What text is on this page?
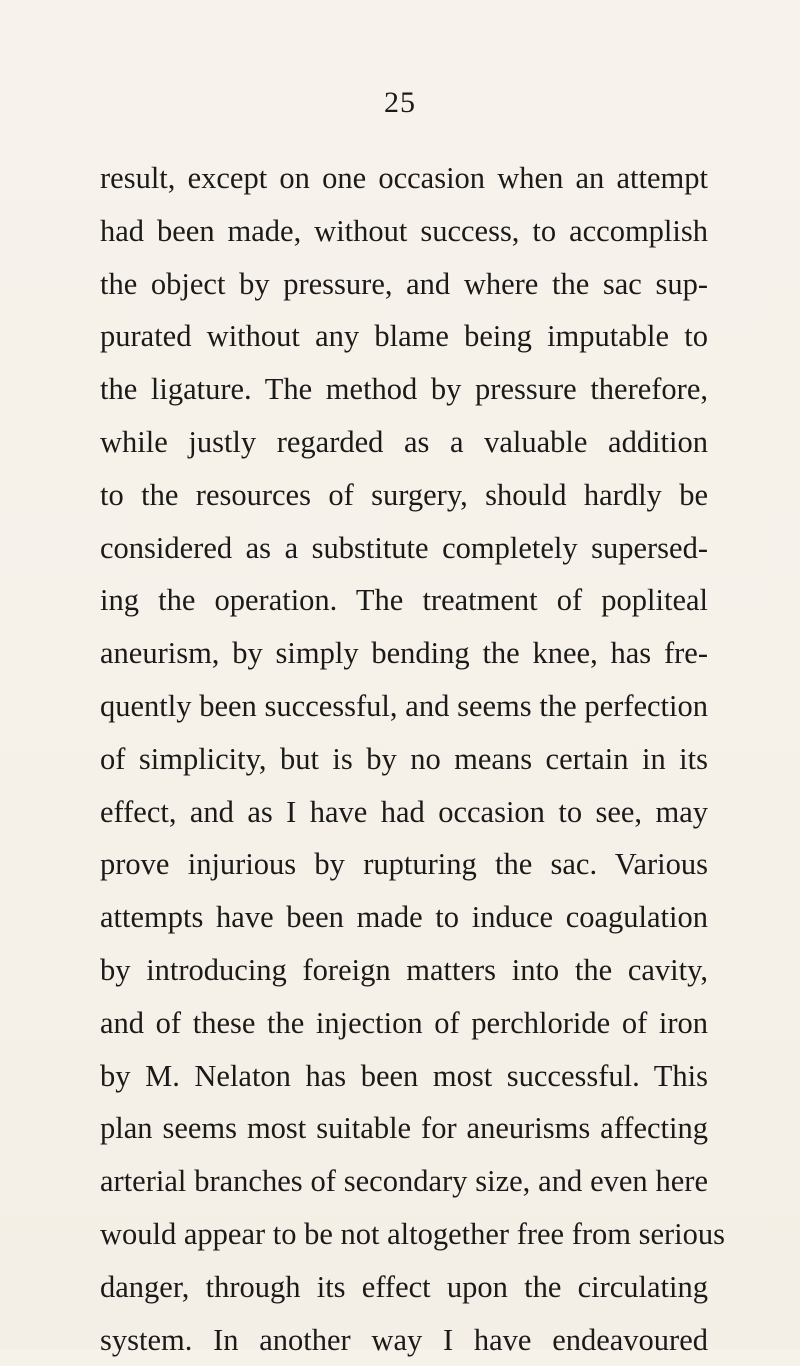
25
result, except on one occasion when an attempt
had been made, without success, to accomplish
the object by pressure, and where the sac sup-
purated without any blame being imputable to
the ligature. The method by pressure therefore,
while justly regarded as a valuable addition
to the resources of surgery, should hardly be
considered as a substitute completely supersed-
ing the operation. The treatment of popliteal
aneurism, by simply bending the knee, has fre-
quently been successful, and seems the perfection
of simplicity, but is by no means certain in its
effect, and as I have had occasion to see, may
prove injurious by rupturing the sac. Various
attempts have been made to induce coagulation
by introducing foreign matters into the cavity,
and of these the injection of perchloride of iron
by M. Nelaton has been most successful. This
plan seems most suitable for aneurisms affecting
arterial branches of secondary size, and even here
would appear to be not altogether free from serious
danger, through its effect upon the circulating
system. In another way I have endeavoured
